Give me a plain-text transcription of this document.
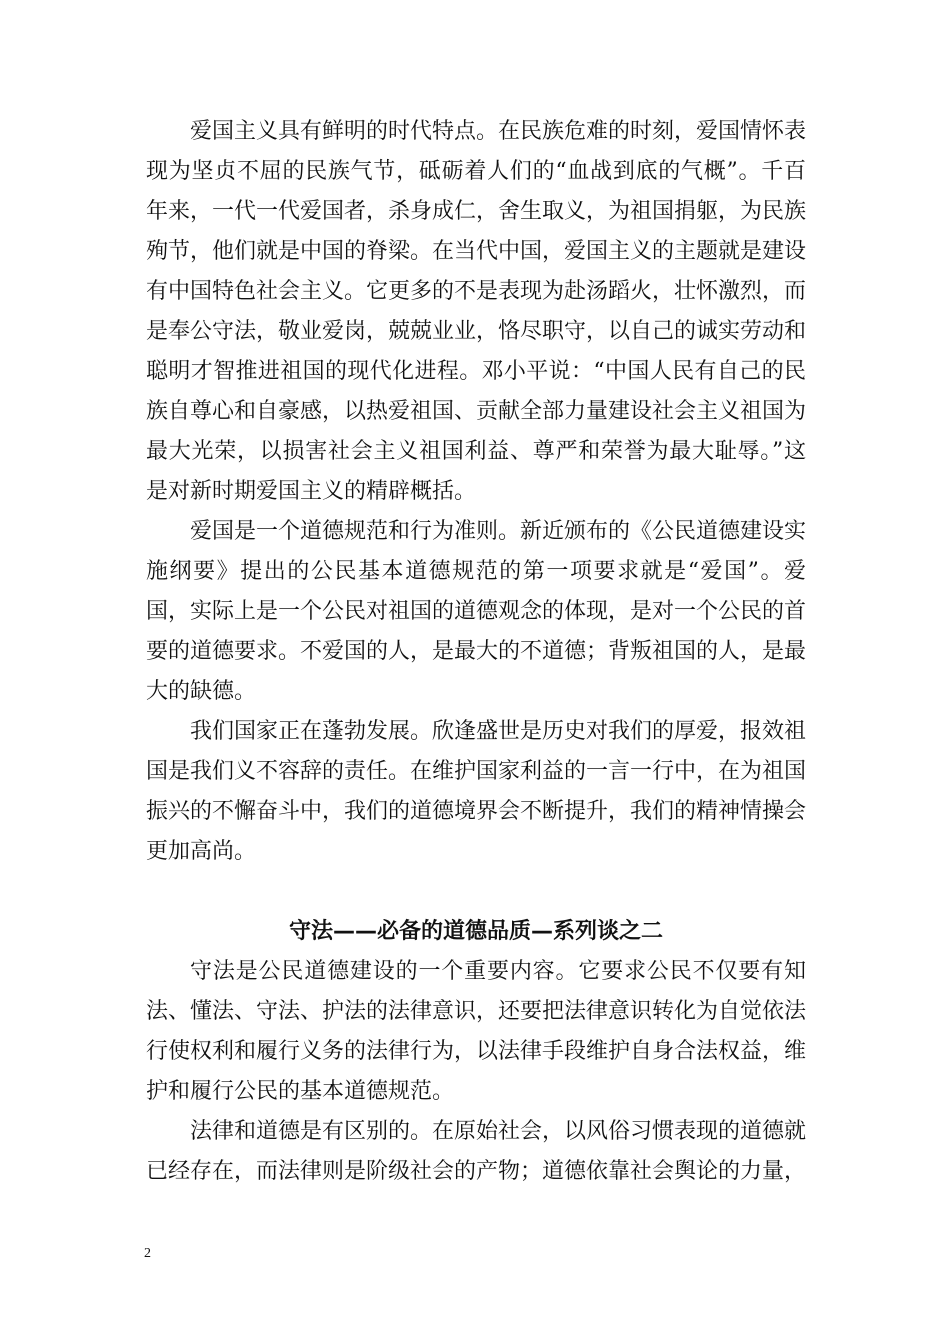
爱国主义具有鲜明的时代特点。在民族危难的时刻，爱国情怀表现为坚贞不屈的民族气节，砥砺着人们的“血战到底的气概”。千百年来，一代一代爱国者，杀身成仁，舍生取义，为祖国捐躯，为民族殉节，他们就是中国的脊梁。在当代中国，爱国主义的主题就是建设有中国特色社会主义。它更多的不是表现为赴汤蹈火，壮怀激烈，而是奉公守法，敬业爱岗，兢兢业业，恪尽职守，以自己的诚实劳动和聪明才智推进祖国的现代化进程。邓小平说：“中国人民有自己的民族自尊心和自豪感，以热爱祖国、贡献全部力量建设社会主义祖国为最大光荣，以损害社会主义祖国利益、尊严和荣誉为最大耻辱。”这是对新时期爱国主义的精辟概括。

爱国是一个道德规范和行为准则。新近颁布的《公民道德建设实施纲要》提出的公民基本道德规范的第一项要求就是“爱国”。爱国，实际上是一个公民对祖国的道德观念的体现，是对一个公民的首要的道德要求。不爱国的人，是最大的不道德；背叛祖国的人，是最大的缺德。

我们国家正在蓬勃发展。欣逢盛世是历史对我们的厚爱，报效祖国是我们义不容辞的责任。在维护国家利益的一言一行中，在为祖国振兴的不懈奋斗中，我们的道德境界会不断提升，我们的精神情操会更加高尚。

守法——必备的道德品质—系列谈之二

守法是公民道德建设的一个重要内容。它要求公民不仅要有知法、懂法、守法、护法的法律意识，还要把法律意识转化为自觉依法行使权利和履行义务的法律行为，以法律手段维护自身合法权益，维护和履行公民的基本道德规范。

法律和道德是有区别的。在原始社会，以风俗习惯表现的道德就已经存在，而法律则是阶级社会的产物；道德依靠社会舆论的力量，

2
